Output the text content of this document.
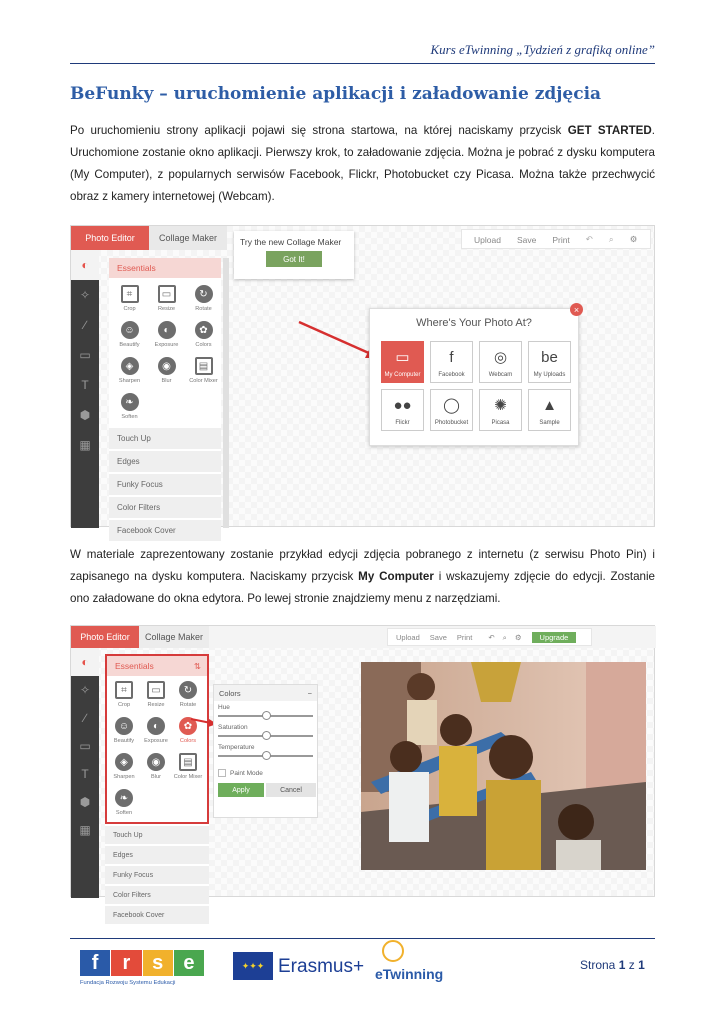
Kurs eTwinning „Tydzień z grafiką online”
BeFunky – uruchomienie aplikacji i załadowanie zdjęcia
Po uruchomieniu strony aplikacji pojawi się strona startowa, na której naciskamy przycisk GET STARTED. Uruchomione zostanie okno aplikacji. Pierwszy krok, to załadowanie zdjęcia. Można je pobrać z dysku komputera (My Computer), z popularnych serwisów Facebook, Flickr, Photobucket czy Picasa. Można także przechwycić obraz z kamery internetowej (Webcam).
Photo Editor	Collage Maker	Try the new Collage Maker
Got It!
Upload Save Print ↶ ⌕ ⚙
◐
✧
∕
▭
T
⬢
▦
Essentials
⌗
Crop
▭
Resize
↻
Rotate
☺
Beautify
◐
Exposure
✿
Colors
◈
Sharpen
◉
Blur
▤
Color Mixer
❧
Soften
Touch Up
Edges
Funky Focus
Color Filters
Facebook Cover
Where's Your Photo At?
▭
My Computer
f
Facebook
◎
Webcam
be
My Uploads
●●
Flickr
◯
Photobucket
✺
Picasa
▲
Sample
×
W materiale zaprezentowany zostanie przykład edycji zdjęcia pobranego z internetu (z serwisu Photo Pin) i zapisanego na dysku komputera. Naciskamy przycisk My Computer i wskazujemy zdjęcie do edycji. Zostanie ono załadowane do okna edytora. Po lewej stronie znajdziemy menu z narzędziami.
Photo Editor	Collage Maker	Upload Save Print ↶ ⌕ ⚙	Upgrade
◐
✧
∕
▭
T
⬢
▦
Essentials	⇅
⌗
Crop
▭
Resize
↻
Rotate
☺
Beautify
◐
Exposure
✿
Colors
◈
Sharpen
◉
Blur
▤
Color Mixer
❧
Soften
Touch Up
Edges
Funky Focus
Color Filters
Facebook Cover
Colors	−
Hue
Saturation
Temperature
Paint Mode
Apply	Cancel
f	r	s	e
Fundacja Rozwoju Systemu Edukacji
✦✦✦ Erasmus+ eTwinning
Strona 1 z 1
